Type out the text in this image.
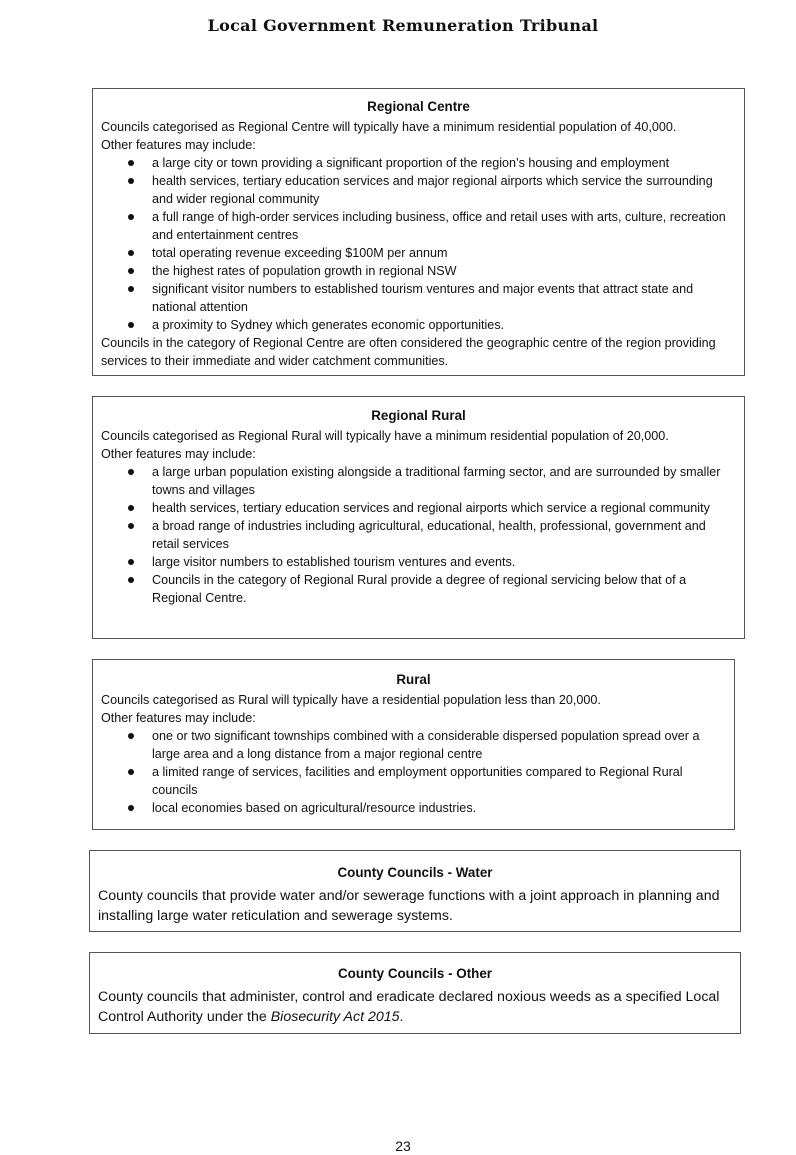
Local Government Remuneration Tribunal
Regional Centre

Councils categorised as Regional Centre will typically have a minimum residential population of 40,000.

Other features may include:

a large city or town providing a significant proportion of the region’s housing and employment
health services, tertiary education services and major regional airports which service the surrounding and wider regional community
a full range of high-order services including business, office and retail uses with arts, culture, recreation and entertainment centres
total operating revenue exceeding $100M per annum
the highest rates of population growth in regional NSW
significant visitor numbers to established tourism ventures and major events that attract state and national attention
a proximity to Sydney which generates economic opportunities.

Councils in the category of Regional Centre are often considered the geographic centre of the region providing services to their immediate and wider catchment communities.

Regional Rural

Councils categorised as Regional Rural will typically have a minimum residential population of 20,000.

Other features may include:

a large urban population existing alongside a traditional farming sector, and are surrounded by smaller towns and villages
health services, tertiary education services and regional airports which service a regional community
a broad range of industries including agricultural, educational, health, professional, government and retail services
large visitor numbers to established tourism ventures and events.
Councils in the category of Regional Rural provide a degree of regional servicing below that of a Regional Centre.
Rural

Councils categorised as Rural will typically have a residential population less than 20,000.

Other features may include:

one or two significant townships combined with a considerable dispersed population spread over a large area and a long distance from a major regional centre
a limited range of services, facilities and employment opportunities compared to Regional Rural councils
local economies based on agricultural/resource industries.
County Councils - Water

County councils that provide water and/or sewerage functions with a joint approach in planning and installing large water reticulation and sewerage systems.

County Councils - Other

County councils that administer, control and eradicate declared noxious weeds as a specified Local Control Authority under the Biosecurity Act 2015.

23
